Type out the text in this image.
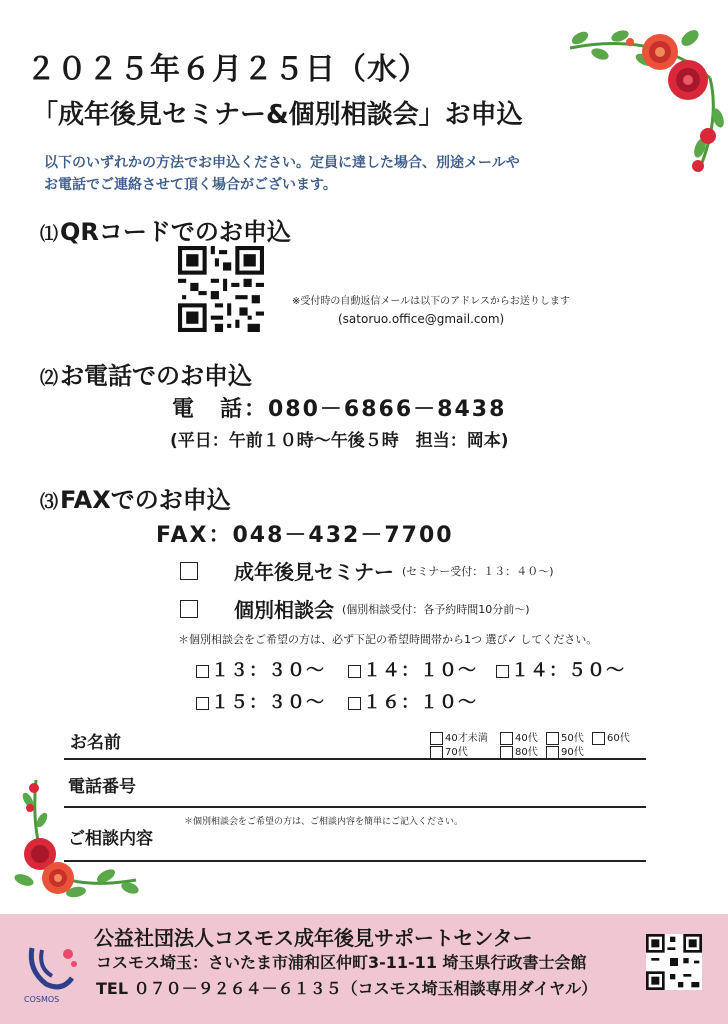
２０２５年６月２５日（水）
「成年後見セミナー&個別相談会」お申込
以下のいずれかの方法でお申込ください。定員に達した場合、別途メールや
お電話でご連絡させて頂く場合がございます。
⑴QRコードでのお申込
※受付時の自動返信メールは以下のアドレスからお送りします
(satoruo.office@gmail.com)
⑵お電話でのお申込
電　話：080－6866－8438
(平日：午前１０時～午後５時　担当：岡本)
⑶FAXでのお申込
FAX：048－432－7700
成年後見セミナー (セミナー受付：１３：４０～)
個別相談会 (個別相談受付：各予約時間10分前～)
＊個別相談会をご希望の方は、必ず下記の希望時間帯から1つ 選び✓ してください。
１３：３０～	１４：１０～	１４：５０～
１５：３０～	１６：１０～
お名前	40才未満	40代	50代	60代
70代	80代	90代
電話番号
＊個別相談会をご希望の方は、ご相談内容を簡単にご記入ください。
ご相談内容
COSMOS
公益社団法人コスモス成年後見サポートセンター
コスモス埼玉：さいたま市浦和区仲町3-11-11 埼玉県行政書士会館
TEL ０７０－９２６４－６１３５（コスモス埼玉相談専用ダイヤル）
